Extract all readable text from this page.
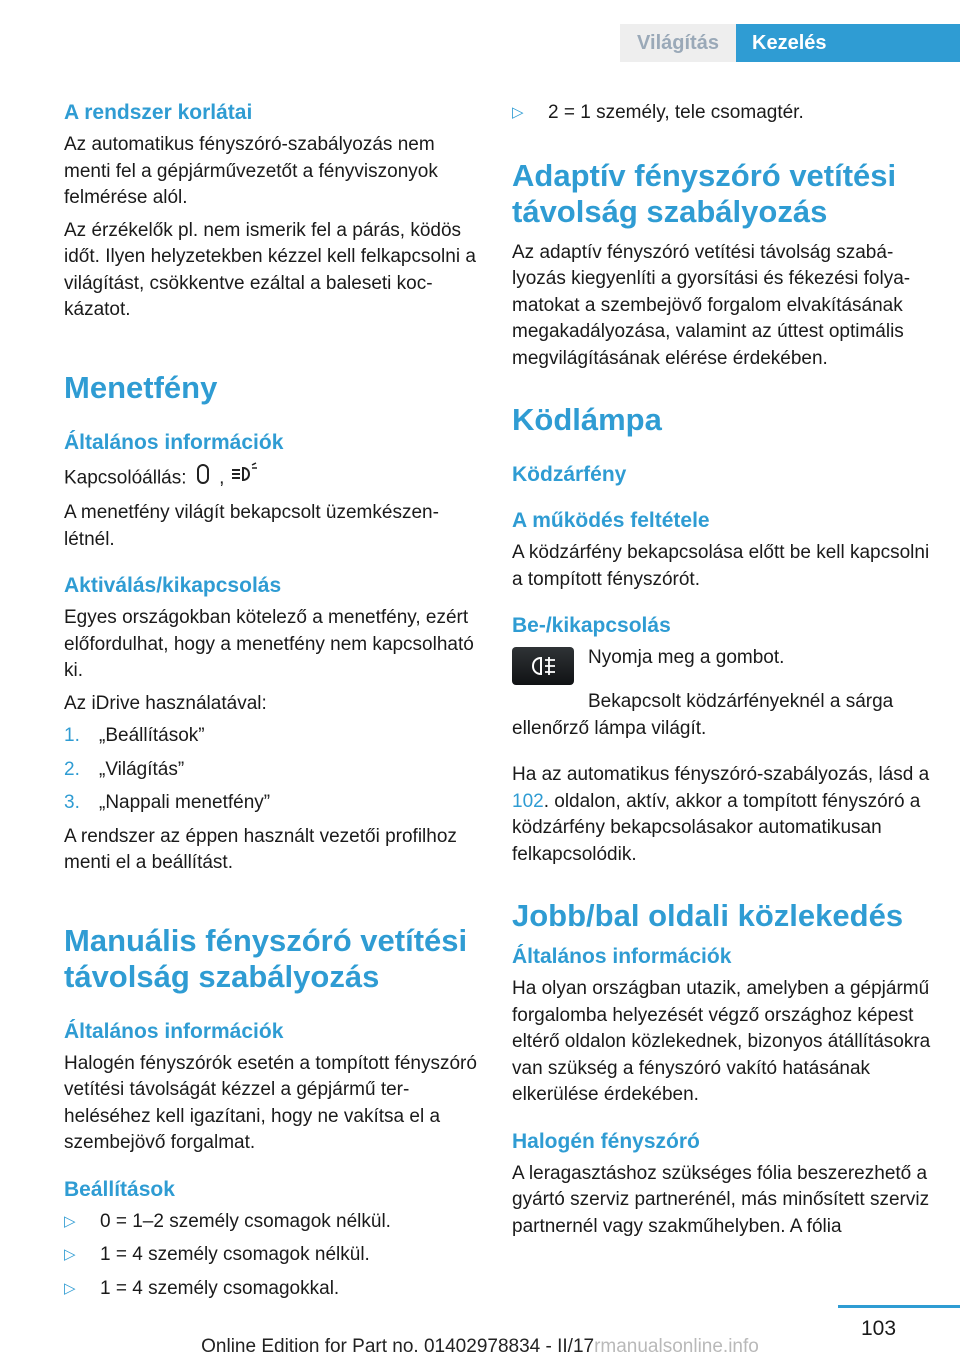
Világítás	Kezelés
A rendszer korlátai

Az automatikus fényszóró-szabályozás nem menti fel a gépjárművezetőt a fényviszonyok felmérése alól.

Az érzékelők pl. nem ismerik fel a párás, ködös időt. Ilyen helyzetekben kézzel kell felkapcsolni a világítást, csökkentve ezáltal a baleseti kockázatot.

Menetfény
Általános információk

Kapcsolóállás: ,

A menetfény világít bekapcsolt üzemkészenlétnél.

Aktiválás/kikapcsolás

Egyes országokban kötelező a menetfény, ezért előfordulhat, hogy a menetfény nem kapcsolható ki.

Az iDrive használatával:

1.	„Beállítások”
2.	„Világítás”
3.	„Nappali menetfény”

A rendszer az éppen használt vezetői profilhoz menti el a beállítást.

Manuális fényszóró vetítési távolság szabályozás
Általános információk

Halogén fényszórók esetén a tompított fényszóró vetítési távolságát kézzel a gépjármű terheléséhez kell igazítani, hogy ne vakítsa el a szembejövő forgalmat.

Beállítások
▷	0 = 1–2 személy csomagok nélkül.
▷	1 = 4 személy csomagok nélkül.
▷	1 = 4 személy csomagokkal.
▷	2 = 1 személy, tele csomagtér.
Adaptív fényszóró vetítési távolság szabályozás

Az adaptív fényszóró vetítési távolság szabályozás kiegyenlíti a gyorsítási és fékezési folyamatokat a szembejövő forgalom elvakításának megakadályozása, valamint az úttest optimális megvilágításának elérése érdekében.

Ködlámpa
Ködzárfény
A működés feltétele

A ködzárfény bekapcsolása előtt be kell kapcsolni a tompított fényszórót.

Be-/kikapcsolás

Nyomja meg a gombot.

Bekapcsolt ködzárfényeknél a sárga ellenőrző lámpa világít.

Ha az automatikus fényszóró-szabályozás, lásd a 102. oldalon, aktív, akkor a tompított fényszóró a ködzárfény bekapcsolásakor automatikusan felkapcsolódik.

Jobb/bal oldali közlekedés
Általános információk

Ha olyan országban utazik, amelyben a gépjármű forgalomba helyezését végző országhoz képest eltérő oldalon közlekednek, bizonyos átállításokra van szükség a fényszóró vakító hatásának elkerülése érdekében.

Halogén fényszóró

A leragasztáshoz szükséges fólia beszerezhető a gyártó szerviz partnerénél, más minősített szerviz partnernél vagy szakműhelyben. A fólia

103
Online Edition for Part no. 01402978834 - II/17rmanualsonline.info
